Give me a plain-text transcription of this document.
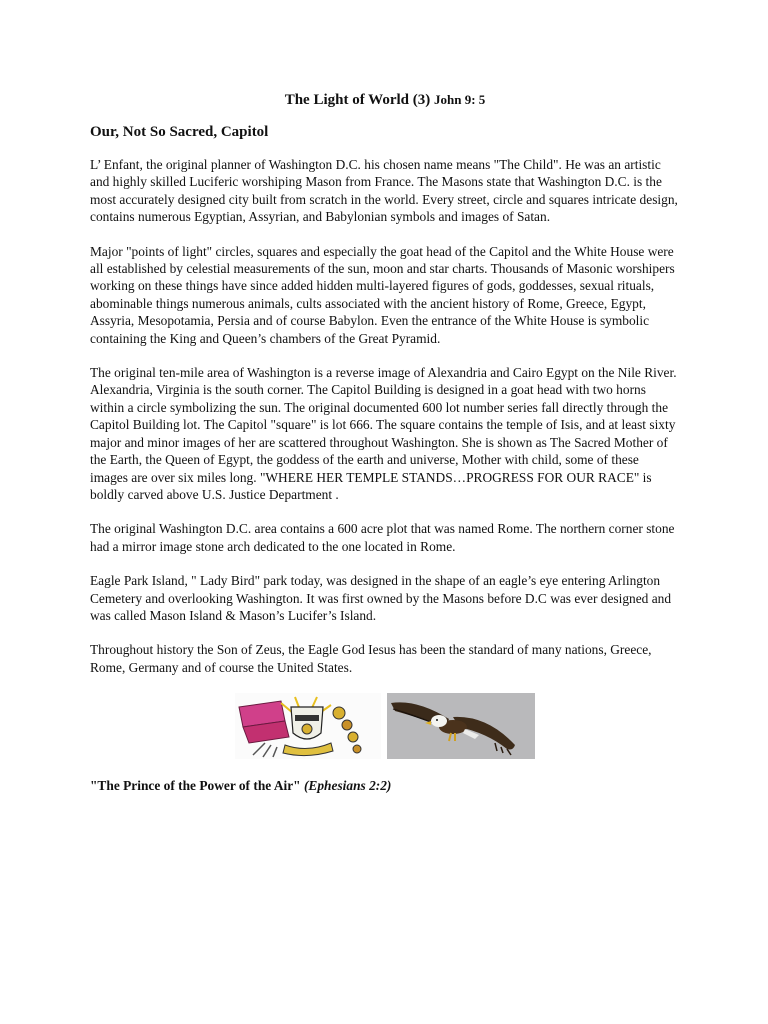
The Light of World (3) John 9: 5
Our, Not So Sacred, Capitol

L’ Enfant, the original planner of Washington D.C. his chosen name means "The Child". He was an artistic and highly skilled Luciferic worshiping Mason from France. The Masons state that Washington D.C. is the most accurately designed city built from scratch in the world. Every street, circle and squares intricate design, contains numerous Egyptian, Assyrian, and Babylonian symbols and images of Satan.

Major "points of light" circles, squares and especially the goat head of the Capitol and the White House were all established by celestial measurements of the sun, moon and star charts. Thousands of Masonic worshipers working on these things have since added hidden multi-layered figures of gods, goddesses, sexual rituals, abominable things numerous animals, cults associated with the ancient history of Rome, Greece, Egypt, Assyria, Mesopotamia, Persia and of course Babylon. Even the entrance of the White House is symbolic containing the King and Queen’s chambers of the Great Pyramid.

The original ten-mile area of Washington is a reverse image of Alexandria and Cairo Egypt on the Nile River. Alexandria, Virginia is the south corner. The Capitol Building is designed in a goat head with two horns within a circle symbolizing the sun. The original documented 600 lot number series fall directly through the Capitol Building lot. The Capitol "square" is lot 666. The square contains the temple of Isis, and at least sixty major and minor images of her are scattered throughout Washington. She is shown as The Sacred Mother of the Earth, the Queen of Egypt, the goddess of the earth and universe, Mother with child, some of these images are over six miles long. "WHERE HER TEMPLE STANDS…PROGRESS FOR OUR RACE" is boldly carved above U.S. Justice Department .

The original Washington D.C. area contains a 600 acre plot that was named Rome. The northern corner stone had a mirror image stone arch dedicated to the one located in Rome.

Eagle Park Island, " Lady Bird" park today, was designed in the shape of an eagle’s eye entering Arlington Cemetery and overlooking Washington. It was first owned by the Masons before D.C was ever designed and was called Mason Island & Mason’s Lucifer’s Island.

Throughout history the Son of Zeus, the Eagle God Iesus has been the standard of many nations, Greece, Rome, Germany and of course the United States.

"The Prince of the Power of the Air" (Ephesians 2:2)
